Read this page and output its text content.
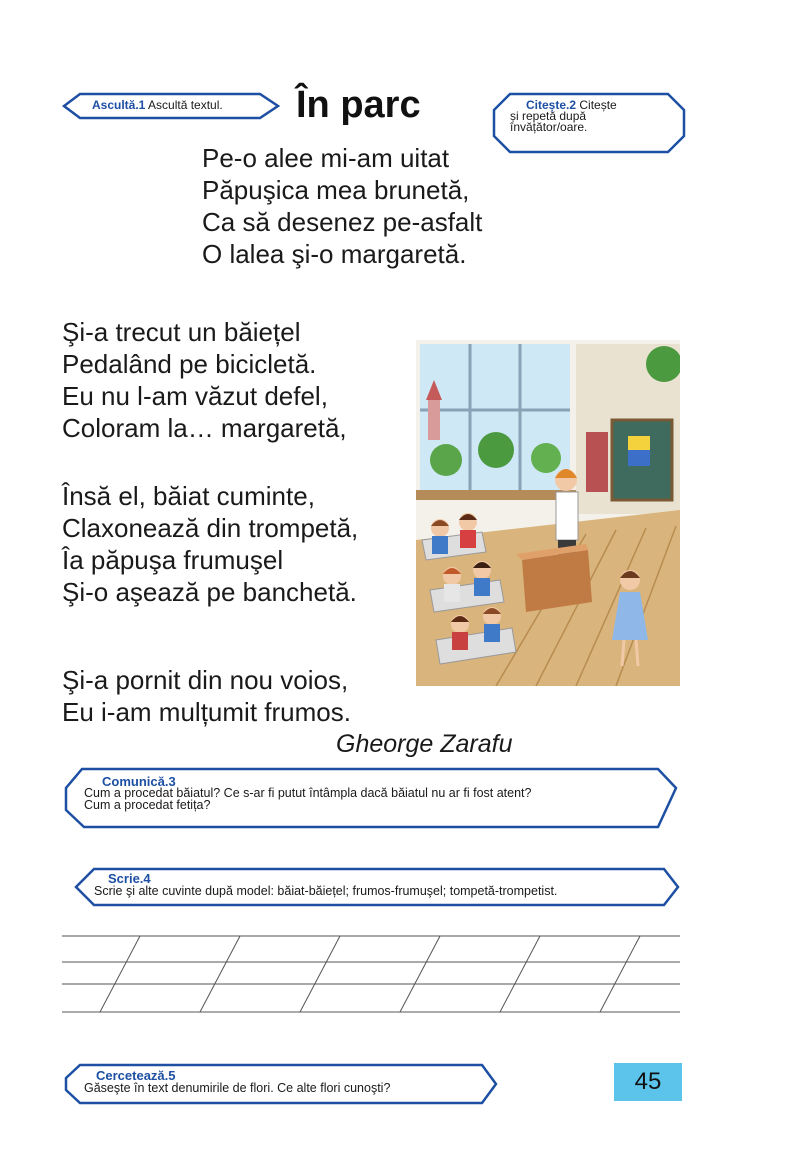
Ascultă.1 Ascultă textul. În parc	Citește.2 Citește
și repetă după
învățător/oare.
Pe-o alee mi-am uitat
Păpuşica mea brunetă,
Ca să desenez pe-asfalt
O lalea şi-o margaretă.
Şi-a trecut un băiețel
Pedalând pe bicicletă.
Eu nu l-am văzut defel,
Coloram la… margaretă,
Însă el, băiat cuminte,
Claxonează din trompetă,
Îa păpuşa frumuşel
Şi-o aşează pe banchetă.
Şi-a pornit din nou voios,
Eu i-am mulțumit frumos.
Gheorge Zarafu
Comunică.3
Cum a procedat băiatul? Ce s-ar fi putut întâmpla dacă băiatul nu ar fi fost atent?
Cum a procedat fetița?
Scrie.4
Scrie şi alte cuvinte după model: băiat-băiețel; frumos-frumuşel; tompetă-trompetist.
Cercetează.5
Găseşte în text denumirile de flori. Ce alte flori cunoşti?	45
